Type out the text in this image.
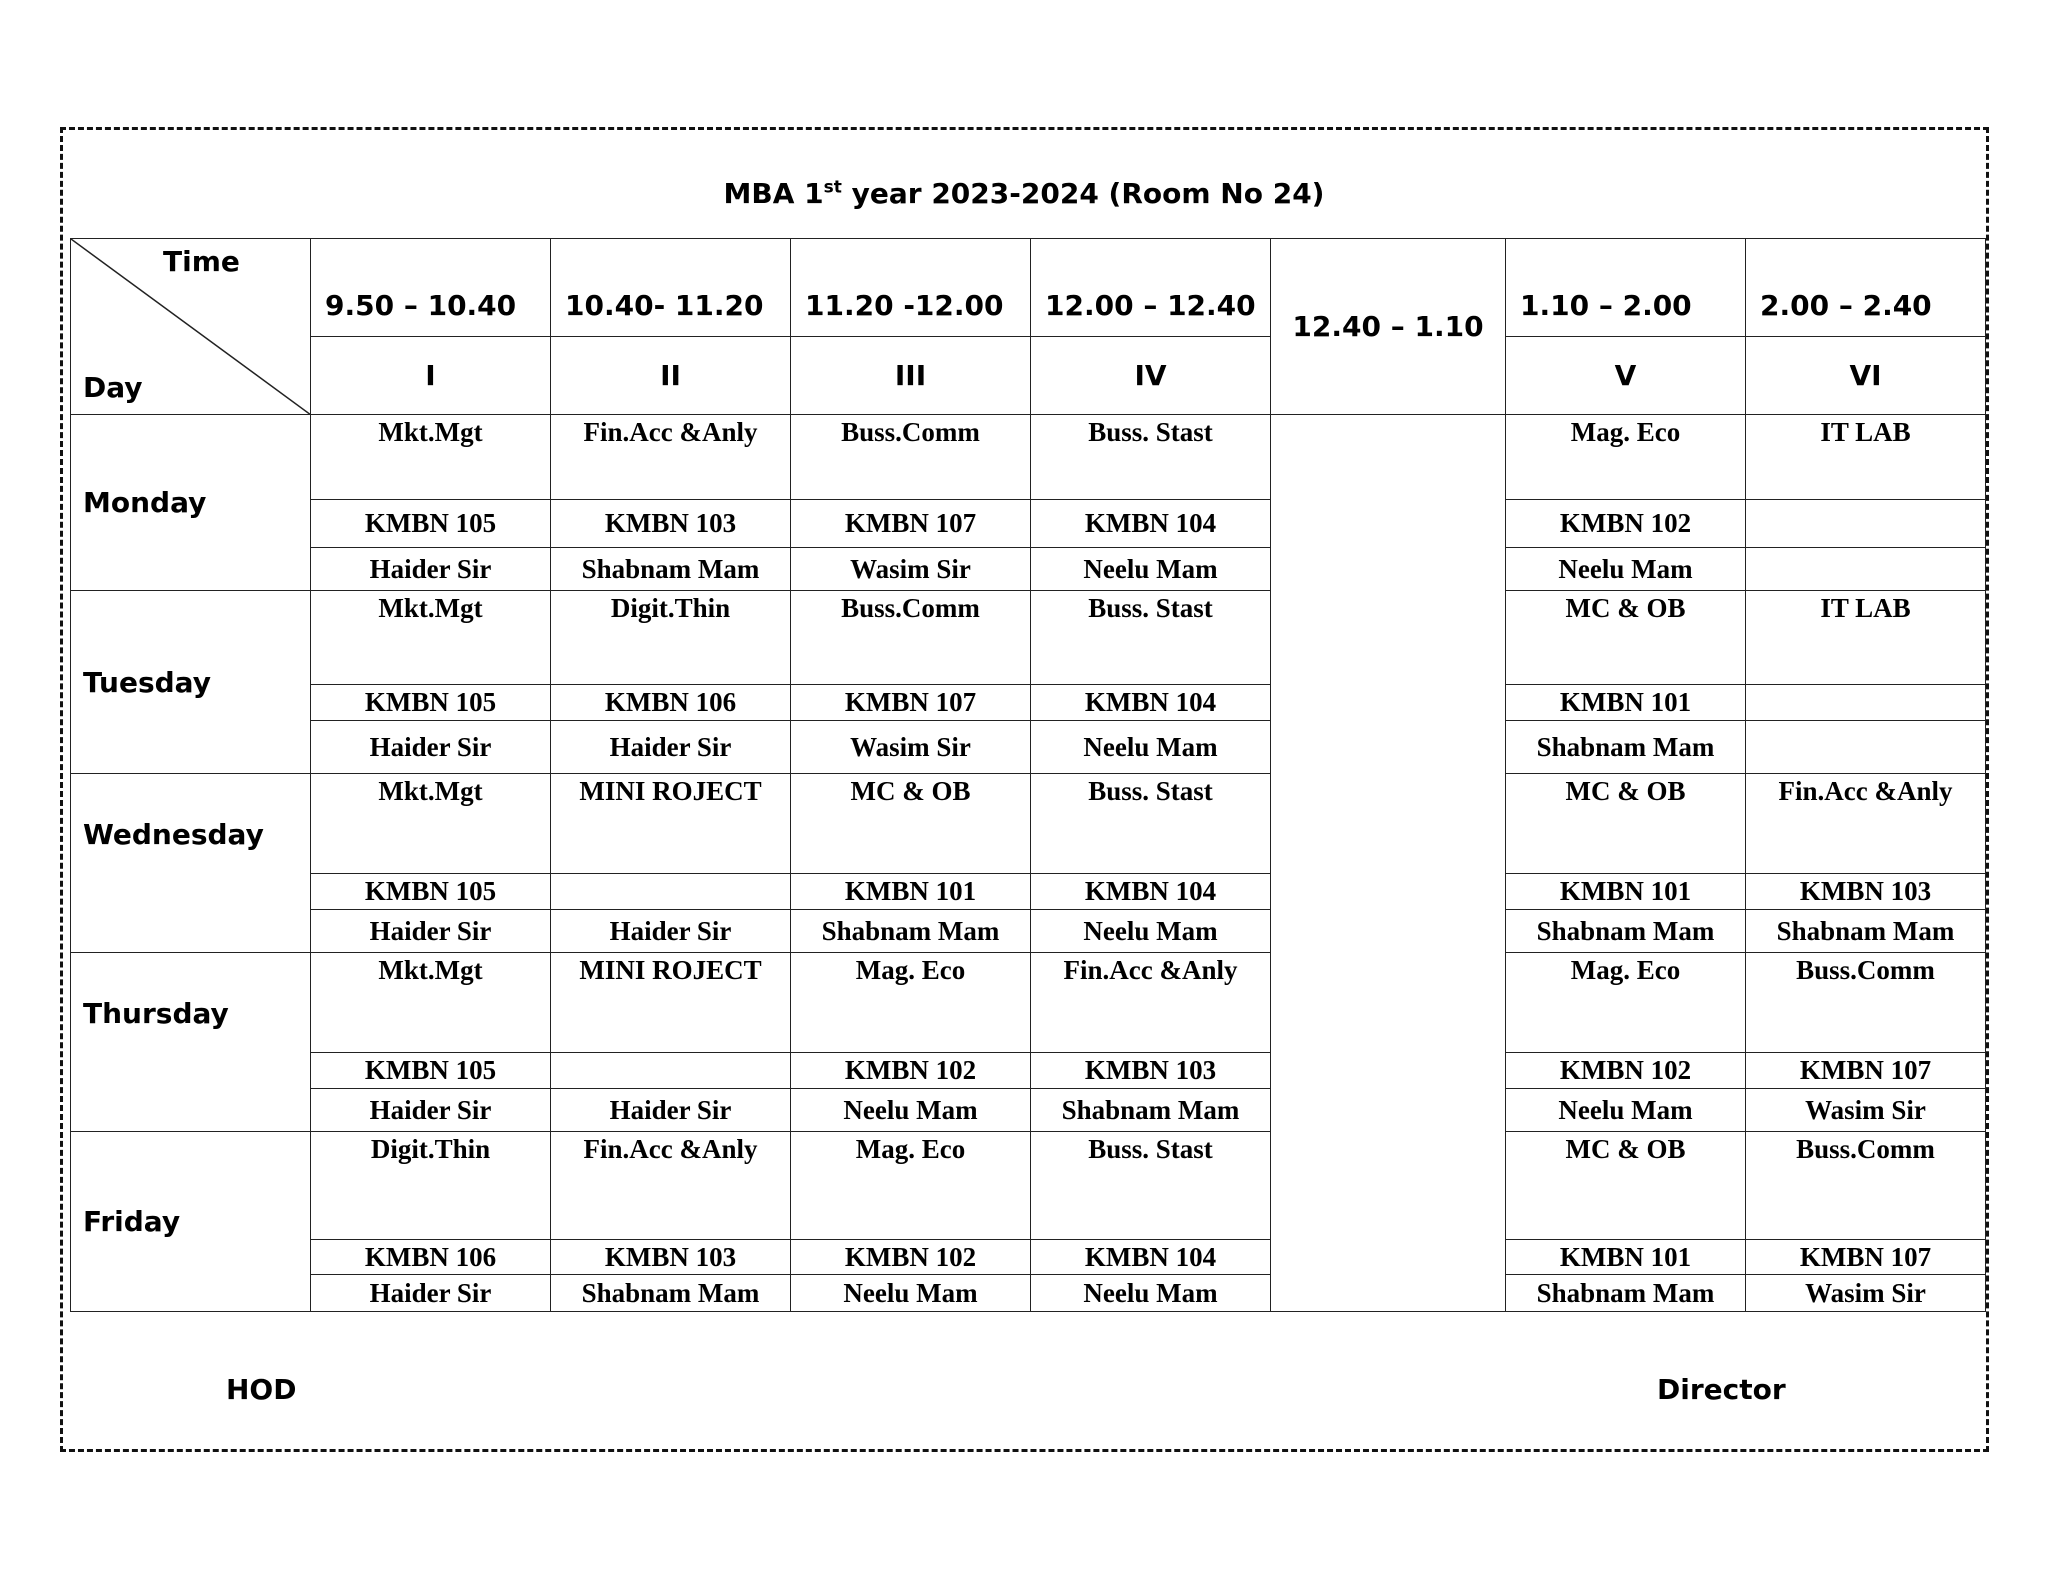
MBA 1st year 2023-2024 (Room No 24)
Time
Day	9.50 – 10.40	10.40- 11.20	11.20 -12.00	12.00 – 12.40	12.40 – 1.10	1.10 – 2.00	2.00 – 2.40
	I	II	III	IV		V	VI
Monday	Mkt.Mgt	Fin.Acc &Anly	Buss.Comm	Buss. Stast		Mag. Eco	IT LAB
	KMBN 105	KMBN 103	KMBN 107	KMBN 104		KMBN 102	
	Haider Sir	Shabnam Mam	Wasim Sir	Neelu Mam		Neelu Mam	
Tuesday	Mkt.Mgt	Digit.Thin	Buss.Comm	Buss. Stast		MC & OB	IT LAB
	KMBN 105	KMBN 106	KMBN 107	KMBN 104		KMBN 101	
	Haider Sir	Haider Sir	Wasim Sir	Neelu Mam		Shabnam Mam	
Wednesday	Mkt.Mgt	MINI ROJECT	MC & OB	Buss. Stast		MC & OB	Fin.Acc &Anly
	KMBN 105		KMBN 101	KMBN 104		KMBN 101	KMBN 103
	Haider Sir	Haider Sir	Shabnam Mam	Neelu Mam		Shabnam Mam	Shabnam Mam
Thursday	Mkt.Mgt	MINI ROJECT	Mag. Eco	Fin.Acc &Anly		Mag. Eco	Buss.Comm
	KMBN 105		KMBN 102	KMBN 103		KMBN 102	KMBN 107
	Haider Sir	Haider Sir	Neelu Mam	Shabnam Mam		Neelu Mam	Wasim Sir
Friday	Digit.Thin	Fin.Acc &Anly	Mag. Eco	Buss. Stast		MC & OB	Buss.Comm
	KMBN 106	KMBN 103	KMBN 102	KMBN 104		KMBN 101	KMBN 107
	Haider Sir	Shabnam Mam	Neelu Mam	Neelu Mam		Shabnam Mam	Wasim Sir
HOD	Director
